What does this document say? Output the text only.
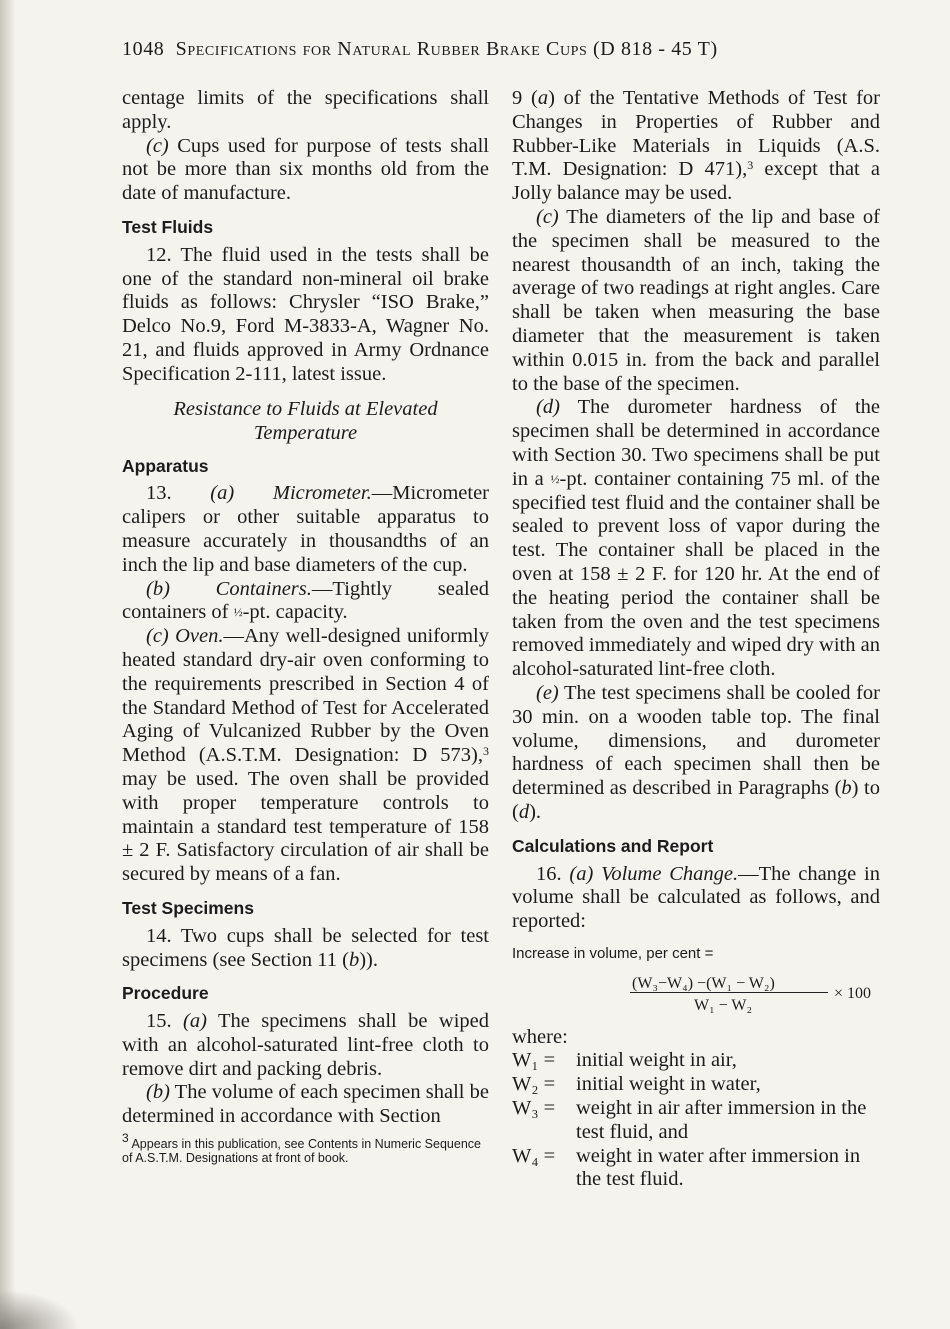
1048 Specifications for Natural Rubber Brake Cups (D 818 - 45 T)

centage limits of the specifications shall apply.

(c) Cups used for purpose of tests shall not be more than six months old from the date of manufacture.

Test Fluids

12. The fluid used in the tests shall be one of the standard non-mineral oil brake fluids as follows: Chrysler “ISO Brake,” Delco No.9, Ford M-3833-A, Wagner No. 21, and fluids approved in Army Ordnance Specification 2-111, latest issue.

Resistance to Fluids at Elevated
Temperature
Apparatus

13. (a) Micrometer.—Micrometer calipers or other suitable apparatus to measure accurately in thousandths of an inch the lip and base diameters of the cup.

(b) Containers.—Tightly sealed containers of ½-pt. capacity.

(c) Oven.—Any well-designed uniformly heated standard dry-air oven conforming to the requirements prescribed in Section 4 of the Standard Method of Test for Accelerated Aging of Vulcanized Rubber by the Oven Method (A.S.T.M. Designation: D 573),$^3$ may be used. The oven shall be provided with proper temperature controls to maintain a standard test temperature of 158 ± 2 F. Satisfactory circulation of air shall be secured by means of a fan.

Test Specimens

14. Two cups shall be selected for test specimens (see Section 11 (b)).

Procedure

15. (a) The specimens shall be wiped with an alcohol-saturated lint-free cloth to remove dirt and packing debris.

(b) The volume of each specimen shall be determined in accordance with Section

$^3$ Appears in this publication, see Contents in Numeric Sequence of A.S.T.M. Designations at front of book.

9 (a) of the Tentative Methods of Test for Changes in Properties of Rubber and Rubber-Like Materials in Liquids (A.S. T.M. Designation: D 471),$^3$ except that a Jolly balance may be used.

(c) The diameters of the lip and base of the specimen shall be measured to the nearest thousandth of an inch, taking the average of two readings at right angles. Care shall be taken when measuring the base diameter that the measurement is taken within 0.015 in. from the back and parallel to the base of the specimen.

(d) The durometer hardness of the specimen shall be determined in accordance with Section 30. Two specimens shall be put in a ½-pt. container containing 75 ml. of the specified test fluid and the container shall be sealed to prevent loss of vapor during the test. The container shall be placed in the oven at 158 ± 2 F. for 120 hr. At the end of the heating period the container shall be taken from the oven and the test specimens removed immediately and wiped dry with an alcohol-saturated lint-free cloth.

(e) The test specimens shall be cooled for 30 min. on a wooden table top. The final volume, dimensions, and durometer hardness of each specimen shall then be determined as described in Paragraphs (b) to (d).

Calculations and Report

16. (a) Volume Change.—The change in volume shall be calculated as follows, and reported:

Increase in volume, per cent =
(W₃−W₄) −(W₁ − W₂)
W₁ − W₂
× 100

where:

W₁ =	initial weight in air,
W₂ =	initial weight in water,
W₃ =	weight in air after immersion in the test fluid, and
W₄ =	weight in water after immersion in the test fluid.
